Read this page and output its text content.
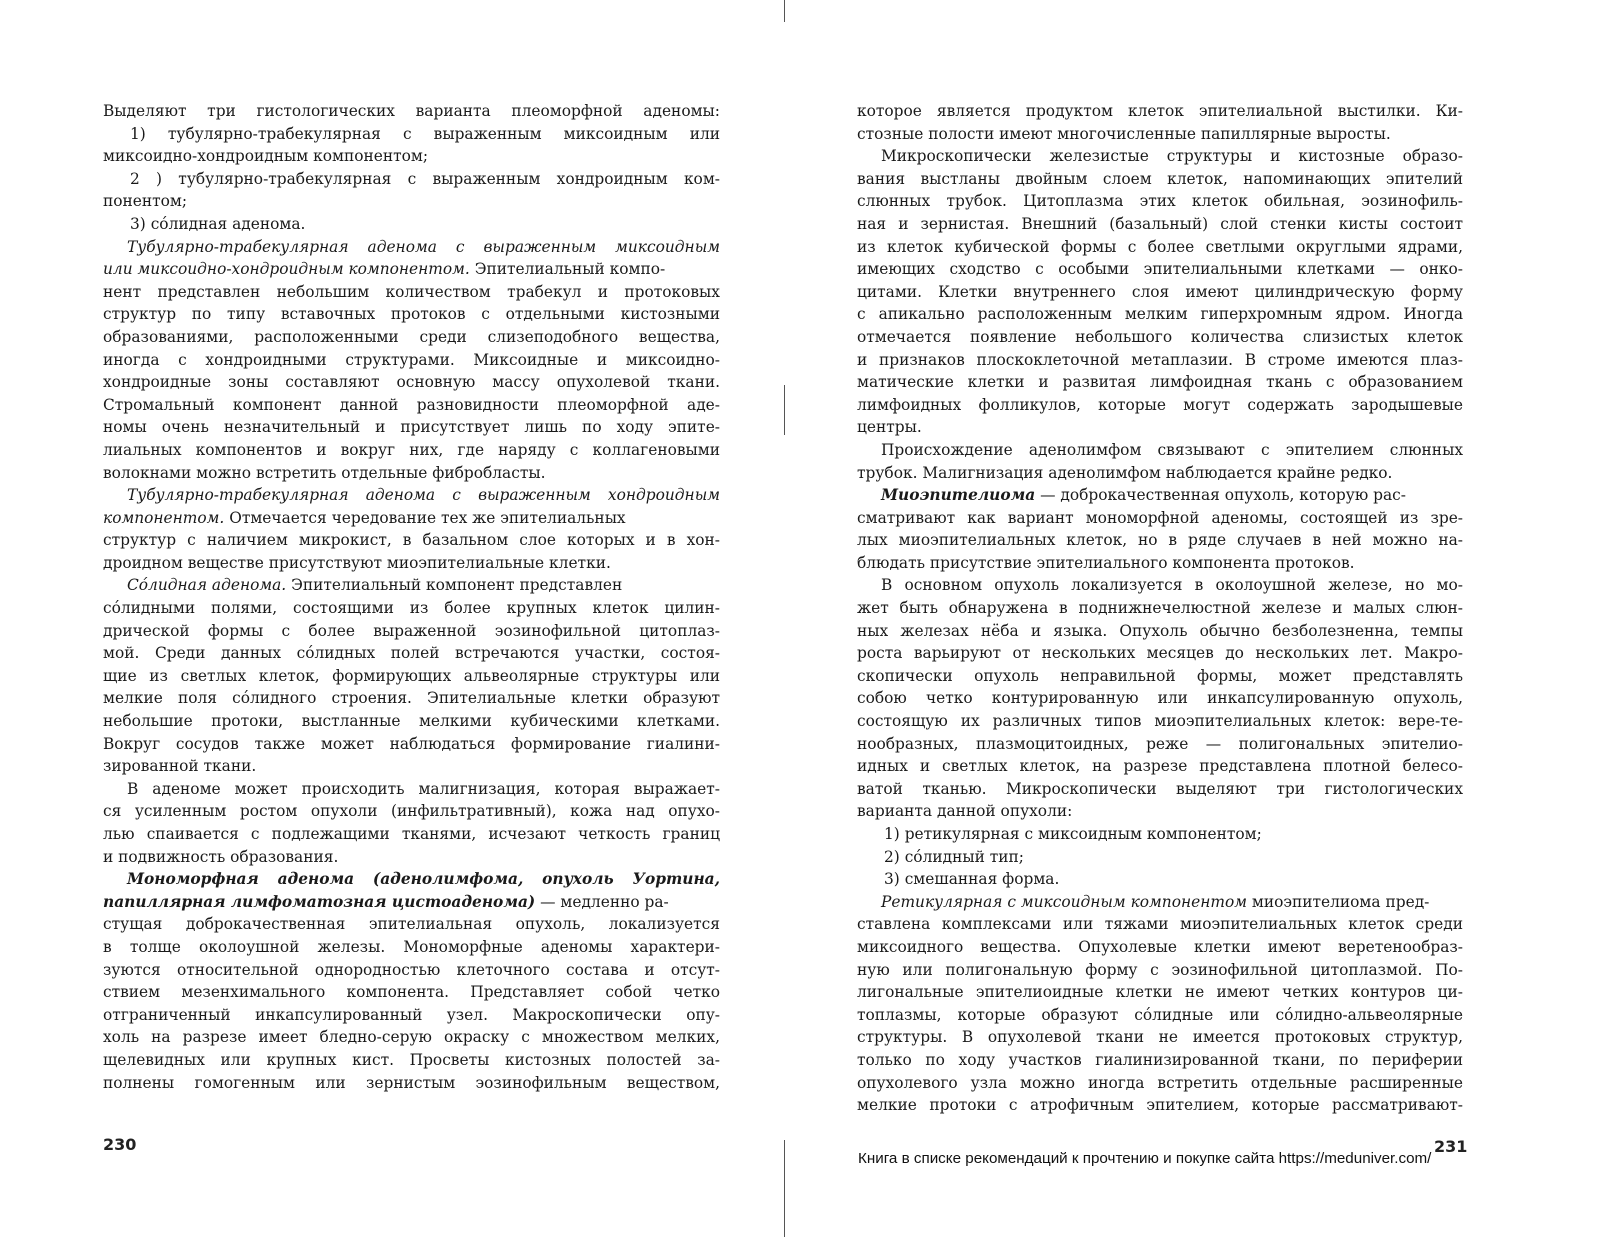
Выделяют три гистологических варианта плеоморфной аденомы:
1) тубулярно-трабекулярная с выраженным миксоидным или
миксоидно-хондроидным компонентом;
2 ) тубулярно-трабекулярная с выраженным хондроидным ком-
понентом;
3) сóлидная аденома.
Тубулярно-трабекулярная аденома с выраженным миксоидным
или миксоидно-хондроидным компонентом. Эпителиальный компо-
нент представлен небольшим количеством трабекул и протоковых
структур по типу вставочных протоков с отдельными кистозными
образованиями, расположенными среди слизеподобного вещества,
иногда с хондроидными структурами. Миксоидные и миксоидно-
хондроидные зоны составляют основную массу опухолевой ткани.
Стромальный компонент данной разновидности плеоморфной аде-
номы очень незначительный и присутствует лишь по ходу эпите-
лиальных компонентов и вокруг них, где наряду с коллагеновыми
волокнами можно встретить отдельные фибробласты.
Тубулярно-трабекулярная аденома с выраженным хондроидным
компонентом. Отмечается чередование тех же эпителиальных
структур с наличием микрокист, в базальном слое которых и в хон-
дроидном веществе присутствуют миоэпителиальные клетки.
Сóлидная аденома. Эпителиальный компонент представлен
сóлидными полями, состоящими из более крупных клеток цилин-
дрической формы с более выраженной эозинофильной цитоплаз-
мой. Среди данных сóлидных полей встречаются участки, состоя-
щие из светлых клеток, формирующих альвеолярные структуры или
мелкие поля сóлидного строения. Эпителиальные клетки образуют
небольшие протоки, выстланные мелкими кубическими клетками.
Вокруг сосудов также может наблюдаться формирование гиалини-
зированной ткани.
В аденоме может происходить малигнизация, которая выражает-
ся усиленным ростом опухоли (инфильтративный), кожа над опухо-
лью спаивается с подлежащими тканями, исчезают четкость границ
и подвижность образования.
Мономорфная аденома (аденолимфома, опухоль Уортина,
папиллярная лимфоматозная цистоаденома) — медленно ра-
стущая доброкачественная эпителиальная опухоль, локализуется
в толще околоушной железы. Мономорфные аденомы характери-
зуются относительной однородностью клеточного состава и отсут-
ствием мезенхимального компонента. Представляет собой четко
отграниченный инкапсулированный узел. Макроскопически опу-
холь на разрезе имеет бледно-серую окраску с множеством мелких,
щелевидных или крупных кист. Просветы кистозных полостей за-
полнены гомогенным или зернистым эозинофильным веществом,
230
которое является продуктом клеток эпителиальной выстилки. Ки-
стозные полости имеют многочисленные папиллярные выросты.
Микроскопически железистые структуры и кистозные образо-
вания выстланы двойным слоем клеток, напоминающих эпителий
слюнных трубок. Цитоплазма этих клеток обильная, эозинофиль-
ная и зернистая. Внешний (базальный) слой стенки кисты состоит
из клеток кубической формы с более светлыми округлыми ядрами,
имеющих сходство с особыми эпителиальными клетками — онко-
цитами. Клетки внутреннего слоя имеют цилиндрическую форму
с апикально расположенным мелким гиперхромным ядром. Иногда
отмечается появление небольшого количества слизистых клеток
и признаков плоскоклеточной метаплазии. В строме имеются плаз-
матические клетки и развитая лимфоидная ткань с образованием
лимфоидных фолликулов, которые могут содержать зародышевые
центры.
Происхождение аденолимфом связывают с эпителием слюнных
трубок. Малигнизация аденолимфом наблюдается крайне редко.
Миоэпителиома — доброкачественная опухоль, которую рас-
сматривают как вариант мономорфной аденомы, состоящей из зре-
лых миоэпителиальных клеток, но в ряде случаев в ней можно на-
блюдать присутствие эпителиального компонента протоков.
В основном опухоль локализуется в околоушной железе, но мо-
жет быть обнаружена в поднижнечелюстной железе и малых слюн-
ных железах нёба и языка. Опухоль обычно безболезненна, темпы
роста варьируют от нескольких месяцев до нескольких лет. Макро-
скопически опухоль неправильной формы, может представлять
собою четко контурированную или инкапсулированную опухоль,
состоящую их различных типов миоэпителиальных клеток: вере-те-
нообразных, плазмоцитоидных, реже — полигональных эпителио-
идных и светлых клеток, на разрезе представлена плотной белесо-
ватой тканью. Микроскопически выделяют три гистологических
варианта данной опухоли:
1) ретикулярная с миксоидным компонентом;
2) сóлидный тип;
3) смешанная форма.
Ретикулярная с миксоидным компонентом миоэпителиома пред-
ставлена комплексами или тяжами миоэпителиальных клеток среди
миксоидного вещества. Опухолевые клетки имеют веретенообраз-
ную или полигональную форму с эозинофильной цитоплазмой. По-
лигональные эпителиоидные клетки не имеют четких контуров ци-
топлазмы, которые образуют сóлидные или сóлидно-альвеолярные
структуры. В опухолевой ткани не имеется протоковых структур,
только по ходу участков гиалинизированной ткани, по периферии
опухолевого узла можно иногда встретить отдельные расширенные
мелкие протоки с атрофичным эпителием, которые рассматривают-
231
Книга в списке рекомендаций к прочтению и покупке сайта https://meduniver.com/
